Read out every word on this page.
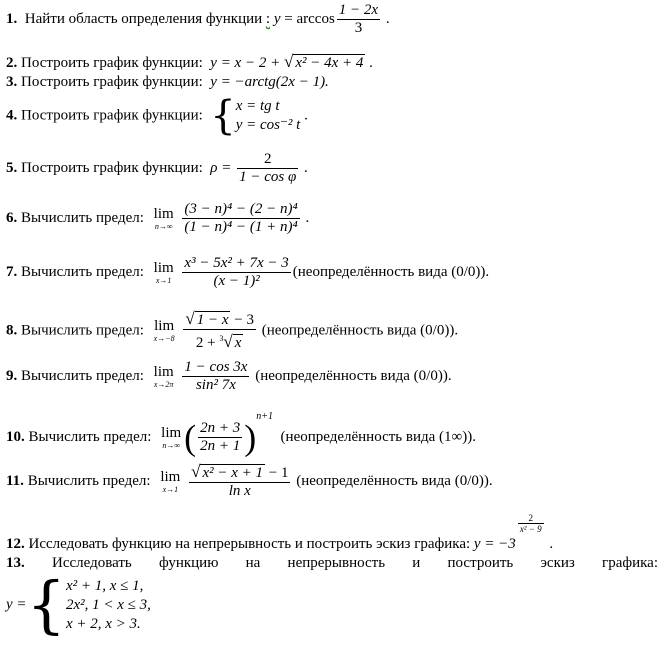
1. Найти область определения функции : $y = \arccos \frac{1 - 2x}{3}$ .
2. Построить график функции: y = x − 2 + √ x² − 4x + 4 .
3. Построить график функции: y = −arctg(2x − 1).
4. Построить график функции: { x = tg t
y = cos⁻² t
.
5. Построить график функции: $\rho = \frac{2}{\text{1 − cos φ}}$ .
6. Вычислить предел: lim
n→∞
$\frac{\text{(3 − n)⁴ − (2 − n)⁴}}{\text{(1 − n)⁴ − (1 + n)⁴}}$ .
7. Вычислить предел: lim
x→1
$\frac{\text{x³ − 5x² + 7x − 3}}{\text{(x − 1)²}}$ (неопределённость вида (0/0)).
8. Вычислить предел: lim
x→−8
$\frac{√ 1 - x - 3}{2 + ^3√ x}$ (неопределённость вида (0/0)).
9. Вычислить предел: lim
x→2π
$\frac{1 - \cos 3x}{\text{sin² 7x}}$ (неопределённость вида (0/0)).
10. Вычислить предел: lim
n→∞ ( $\frac{2n + 3}{2n + 1} )^{n+1}$  (неопределённость вида (1∞)).
11. Вычислить предел: lim
x→1
$\frac{\text{√ x² − x + 1 − 1}}{\text{ln x}}$ (неопределённость вида (0/0)).
12. Исследовать функцию на непрерывность и построить эскиз графика: y = −3
$\frac{2}{\text{x² − 9}}$
.
13. Исследовать функцию на непрерывность и построить эскиз графика:
y ={ x² + 1, x ≤ 1,
2x², 1 < x ≤ 3,
x + 2, x > 3.
